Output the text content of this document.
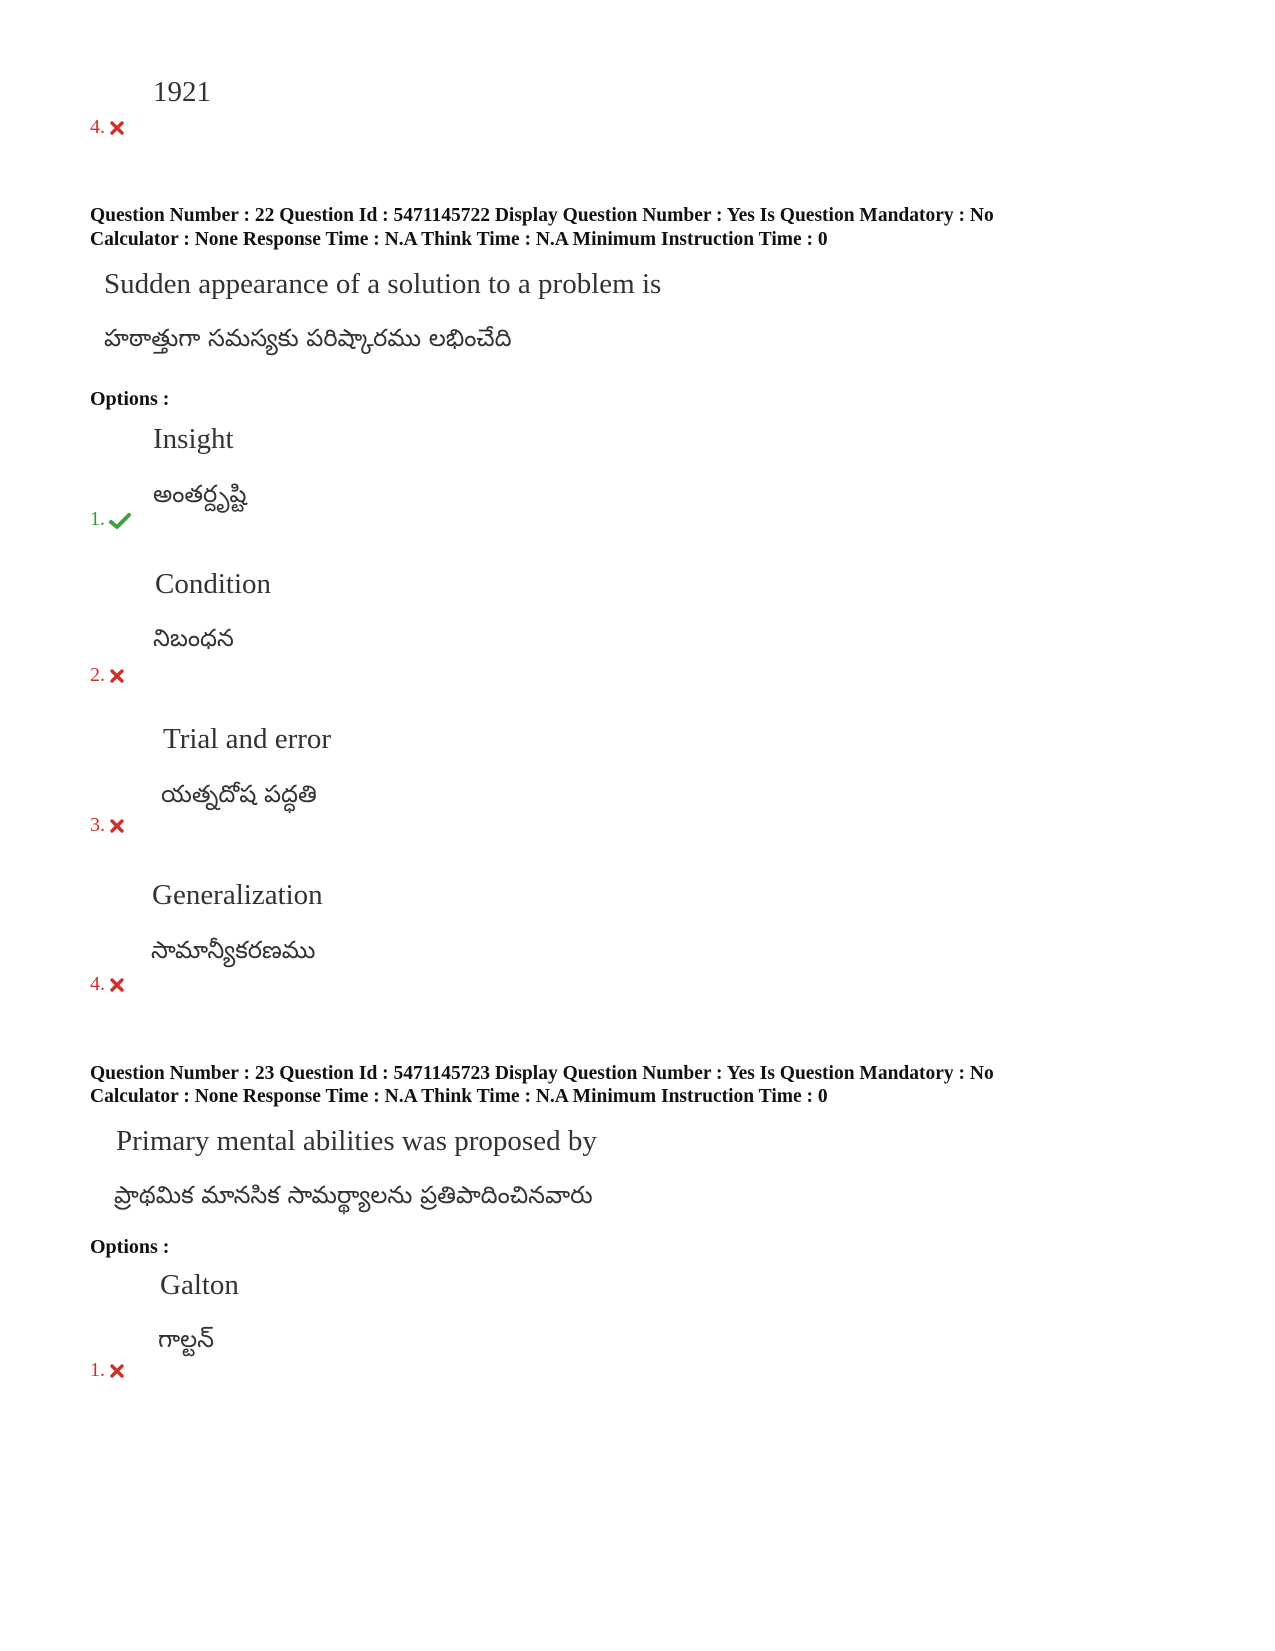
1921
4.
Question Number : 22 Question Id : 5471145722 Display Question Number : Yes Is Question Mandatory : No
Calculator : None Response Time : N.A Think Time : N.A Minimum Instruction Time : 0
Sudden appearance of a solution to a problem is
హఠాత్తుగా సమస్యకు పరిష్కారము లభించేది
Options :
Insight
అంతర్దృష్టి
1.
Condition
నిబంధన
2.
Trial and error
యత్నదోష పద్ధతి
3.
Generalization
సామాన్యీకరణము
4.
Question Number : 23 Question Id : 5471145723 Display Question Number : Yes Is Question Mandatory : No
Calculator : None Response Time : N.A Think Time : N.A Minimum Instruction Time : 0
Primary mental abilities was proposed by
ప్రాథమిక మానసిక సామర్థ్యాలను ప్రతిపాదించినవారు
Options :
Galton
గాల్టన్
1.
